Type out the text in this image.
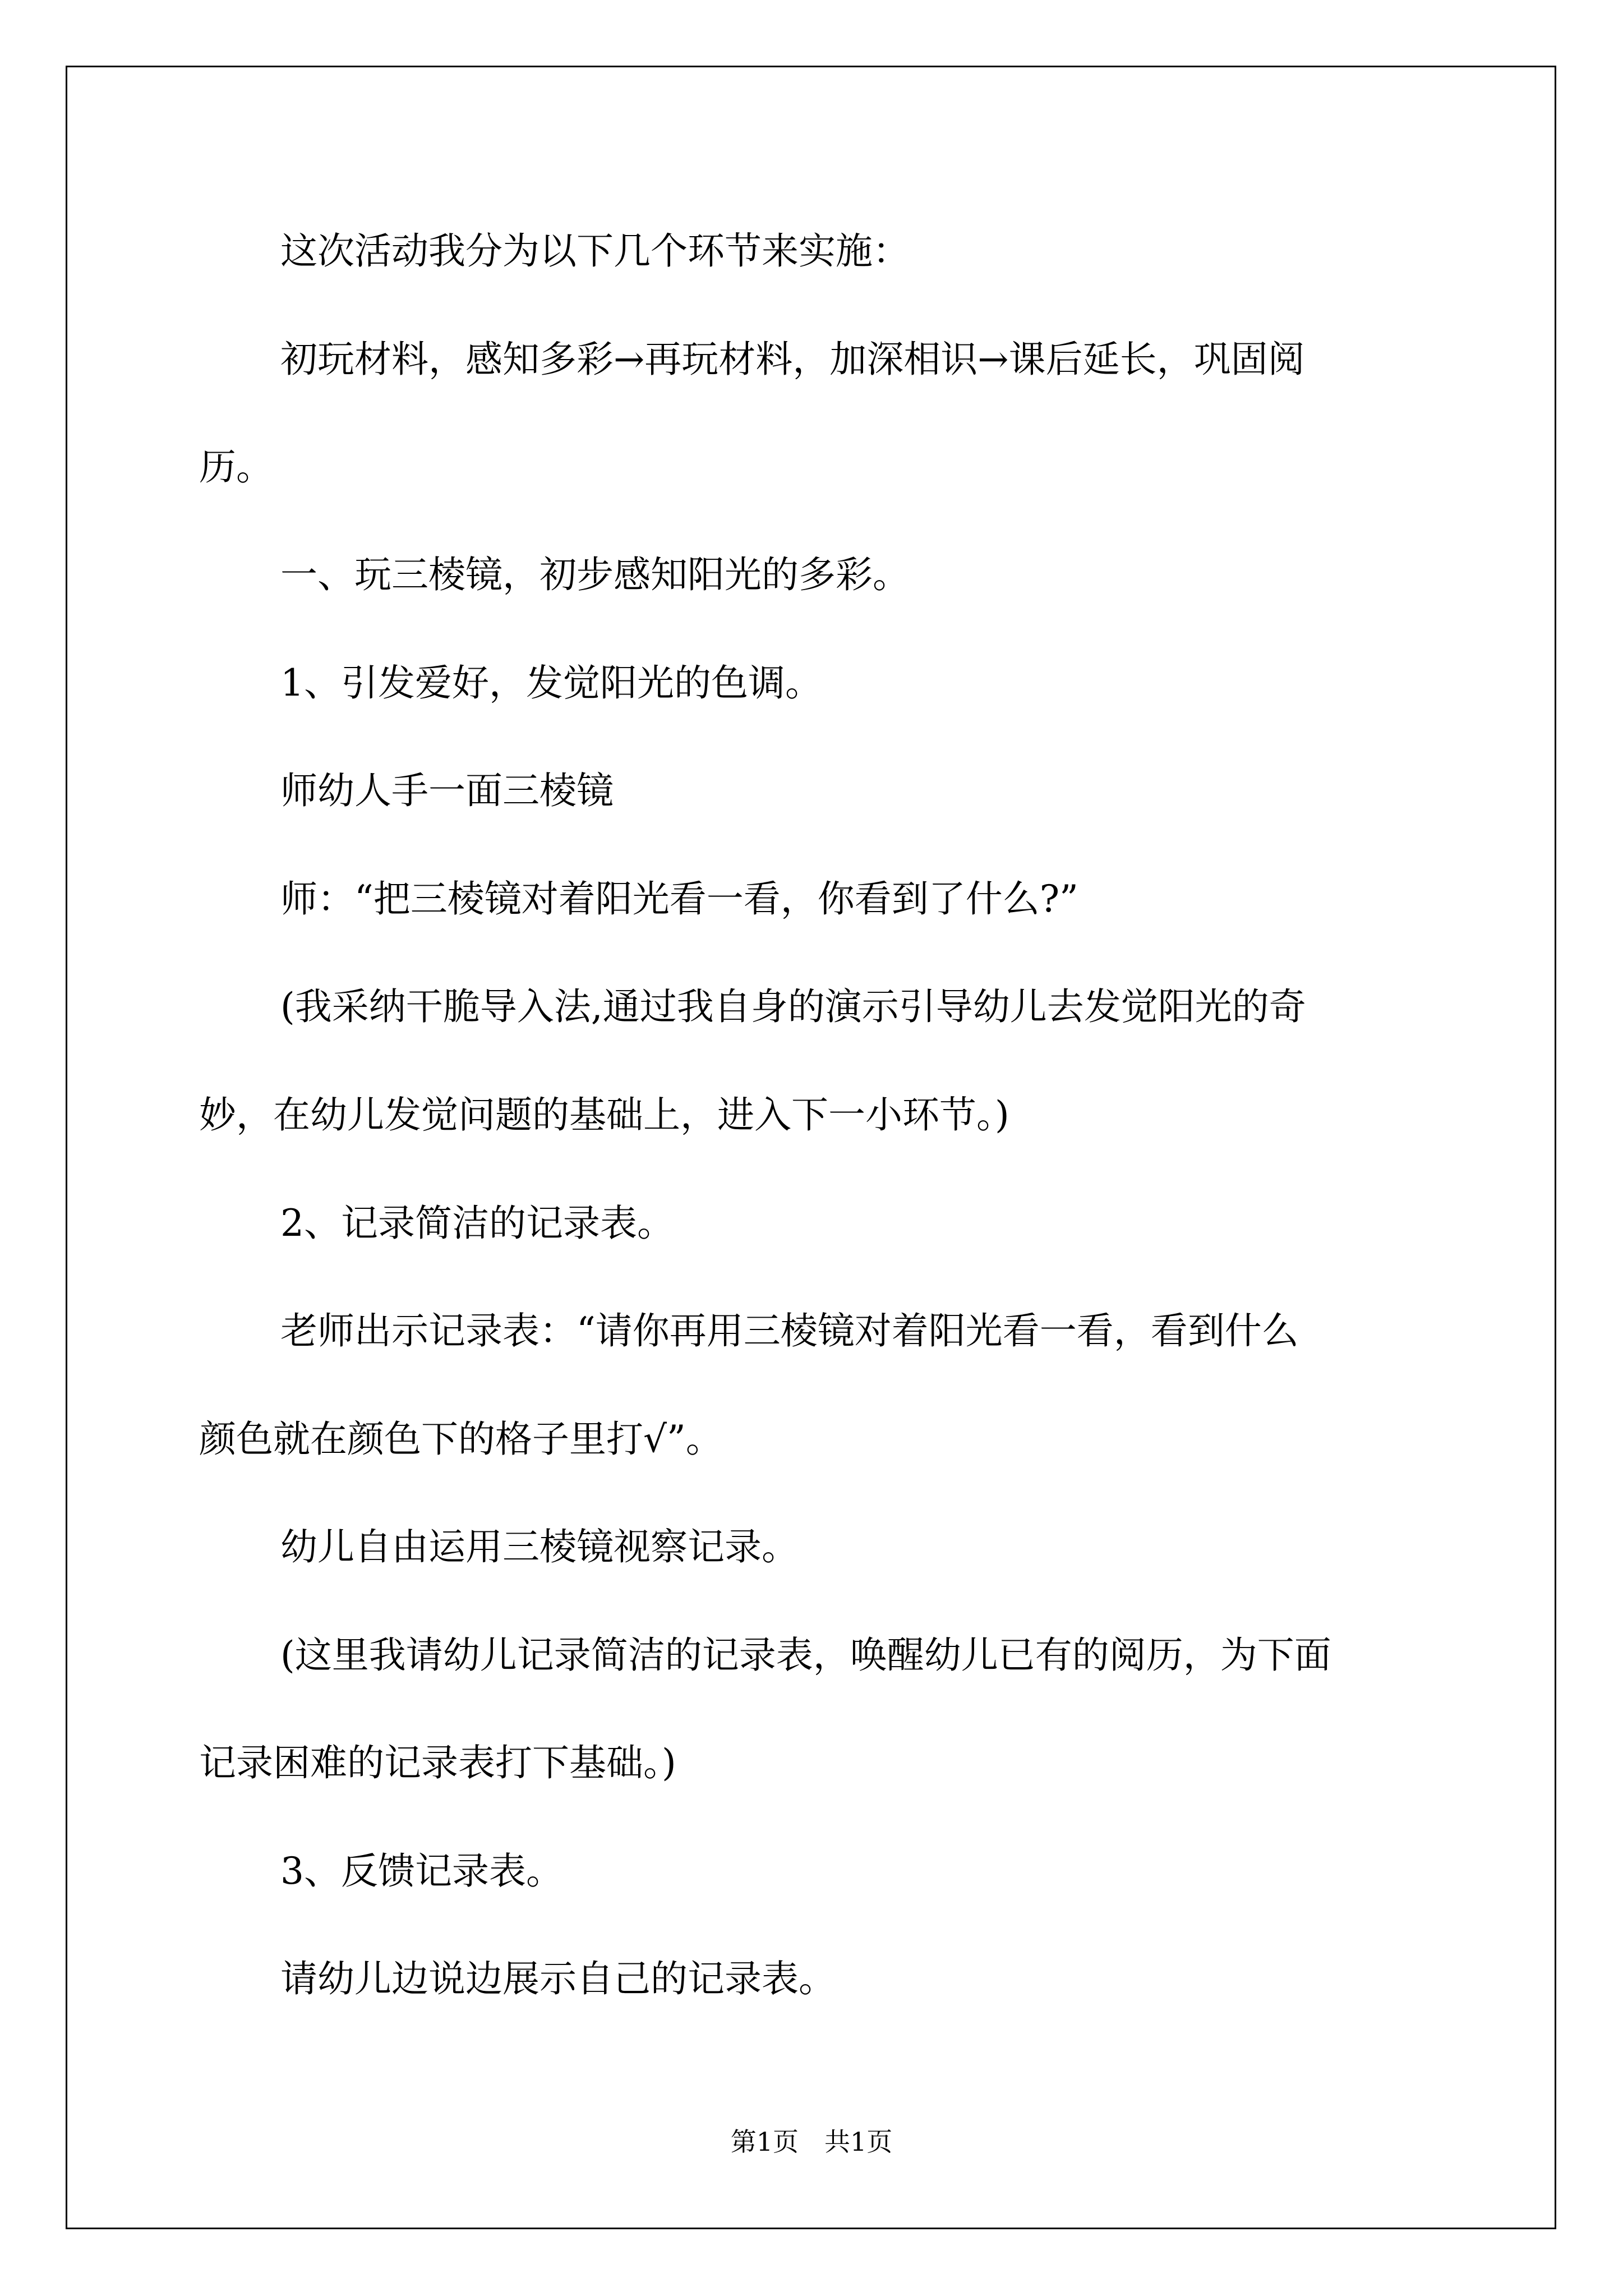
这次活动我分为以下几个环节来实施：
初玩材料，感知多彩→再玩材料，加深相识→课后延长，巩固阅
历。
一、玩三棱镜，初步感知阳光的多彩。
1、引发爱好，发觉阳光的色调。
师幼人手一面三棱镜
师：“把三棱镜对着阳光看一看，你看到了什么?”
(我采纳干脆导入法,通过我自身的演示引导幼儿去发觉阳光的奇
妙，在幼儿发觉问题的基础上，进入下一小环节。)
2、记录简洁的记录表。
老师出示记录表：“请你再用三棱镜对着阳光看一看，看到什么
颜色就在颜色下的格子里打√”。
幼儿自由运用三棱镜视察记录。
(这里我请幼儿记录简洁的记录表，唤醒幼儿已有的阅历，为下面
记录困难的记录表打下基础。)
3、反馈记录表。
请幼儿边说边展示自己的记录表。
第1页　共1页
